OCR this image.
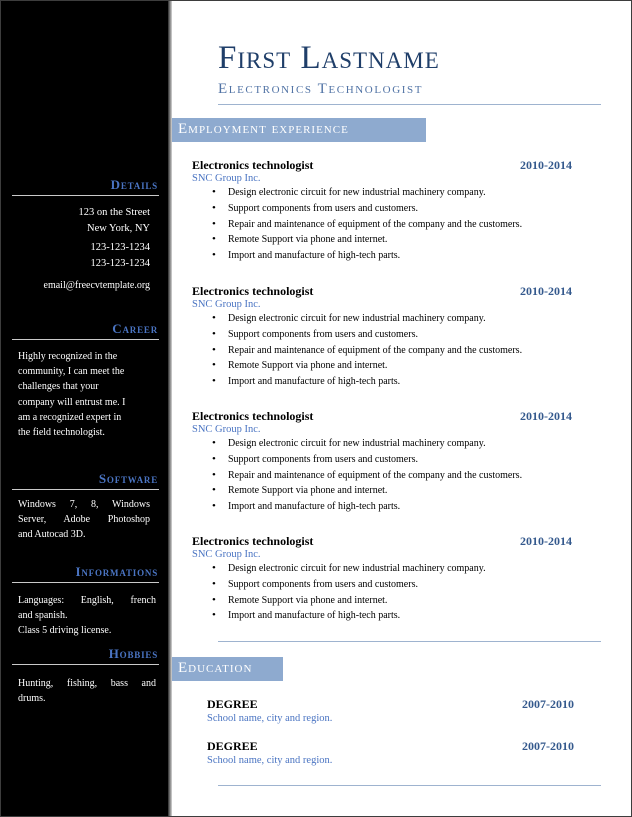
Details
123 on the Street
New York, NY
123-123-1234
123-123-1234
email@freecvtemplate.org
Career
Highly recognized in the
community, I can meet the
challenges that your
company will entrust me. I
am a recognized expert in
the field technologist.
Software
Windows 7, 8, Windows
Server, Adobe Photoshop
and Autocad 3D.
Informations
Languages: English, french
and spanish.
Class 5 driving license.
Hobbies
Hunting, fishing, bass and
drums.
First Lastname
Electronics Technologist
Employment experience
Electronics technologist	2010-2014
SNC Group Inc.
• Design electronic circuit for new industrial machinery company.
• Support components from users and customers.
• Repair and maintenance of equipment of the company and the customers.
• Remote Support via phone and internet.
• Import and manufacture of high-tech parts.
Electronics technologist	2010-2014
SNC Group Inc.
• Design electronic circuit for new industrial machinery company.
• Support components from users and customers.
• Repair and maintenance of equipment of the company and the customers.
• Remote Support via phone and internet.
• Import and manufacture of high-tech parts.
Electronics technologist	2010-2014
SNC Group Inc.
• Design electronic circuit for new industrial machinery company.
• Support components from users and customers.
• Repair and maintenance of equipment of the company and the customers.
• Remote Support via phone and internet.
• Import and manufacture of high-tech parts.
Electronics technologist	2010-2014
SNC Group Inc.
• Design electronic circuit for new industrial machinery company.
• Support components from users and customers.
• Remote Support via phone and internet.
• Import and manufacture of high-tech parts.
Education
DEGREE	2007-2010
School name, city and region.
DEGREE	2007-2010
School name, city and region.
